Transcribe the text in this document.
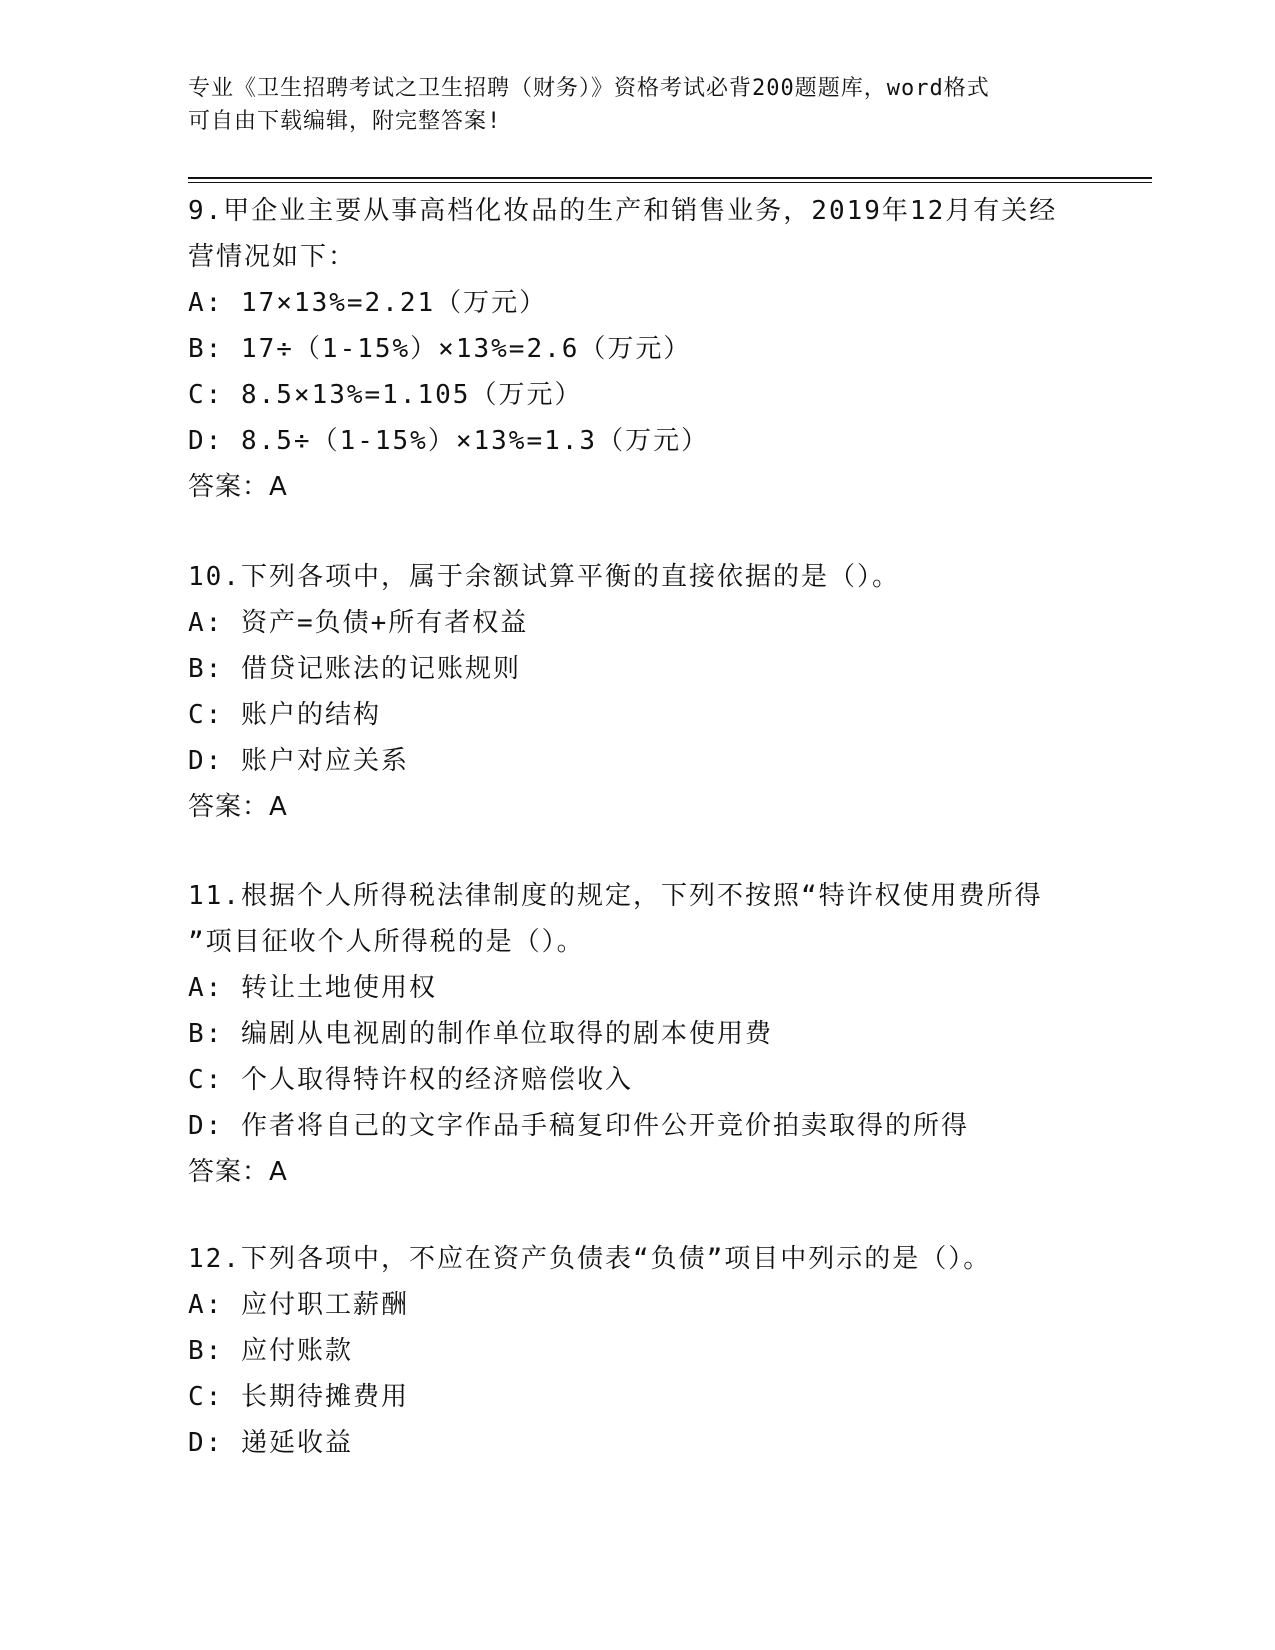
专业《卫生招聘考试之卫生招聘（财务）》资格考试必背200题题库，word格式
可自由下载编辑，附完整答案!
9.甲企业主要从事高档化妆品的生产和销售业务，2019年12月有关经
营情况如下：
A: 17×13%=2.21（万元）
B: 17÷（1-15%）×13%=2.6（万元）
C: 8.5×13%=1.105（万元）
D: 8.5÷（1-15%）×13%=1.3（万元）
答案：A
10.下列各项中，属于余额试算平衡的直接依据的是（）。
A: 资产=负债+所有者权益
B: 借贷记账法的记账规则
C: 账户的结构
D: 账户对应关系
答案：A
11.根据个人所得税法律制度的规定，下列不按照“特许权使用费所得
”项目征收个人所得税的是（）。
A: 转让土地使用权
B: 编剧从电视剧的制作单位取得的剧本使用费
C: 个人取得特许权的经济赔偿收入
D: 作者将自己的文字作品手稿复印件公开竞价拍卖取得的所得
答案：A
12.下列各项中，不应在资产负债表“负债”项目中列示的是（）。
A: 应付职工薪酬
B: 应付账款
C: 长期待摊费用
D: 递延收益
